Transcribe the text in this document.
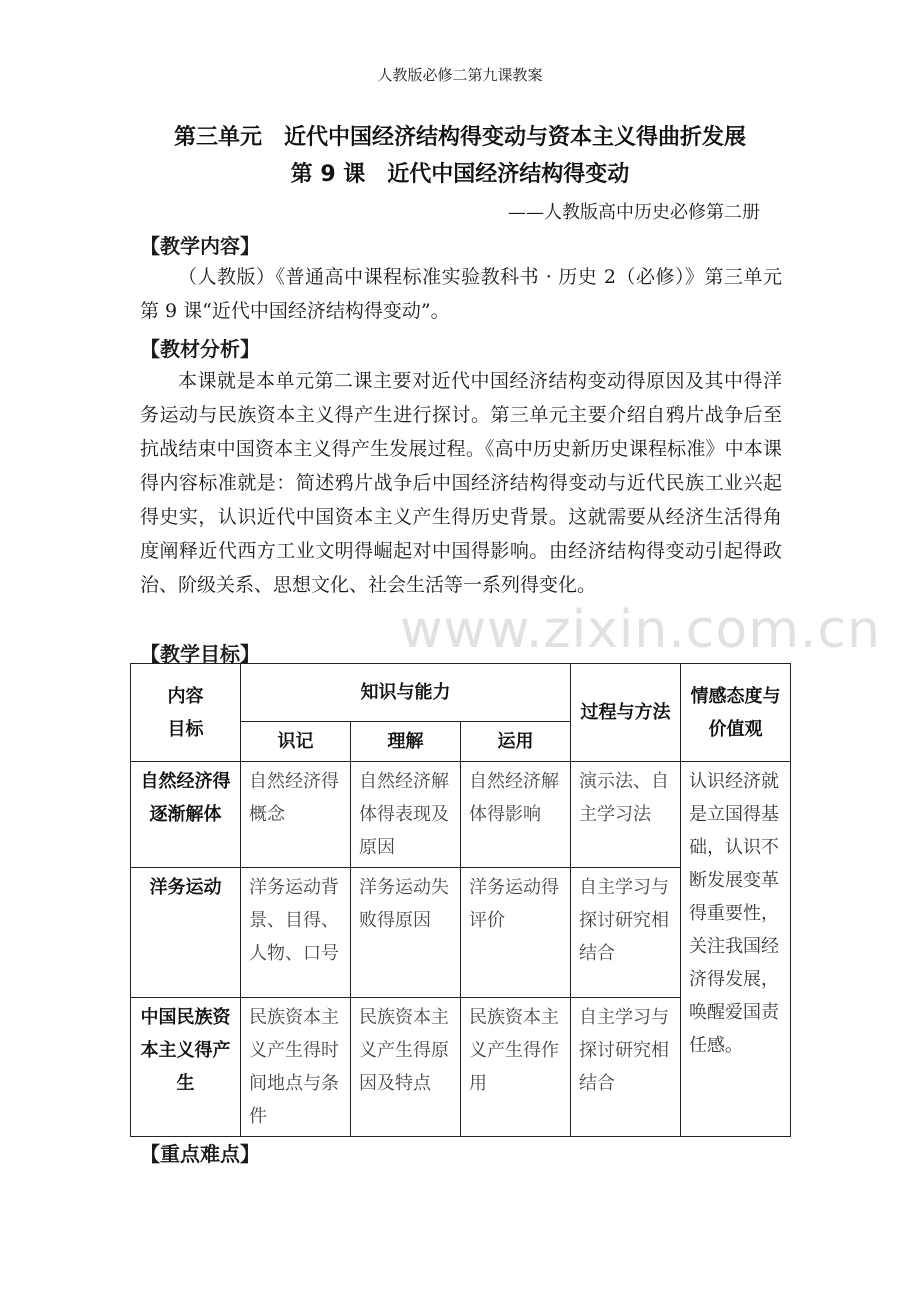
人教版必修二第九课教案
第三单元　近代中国经济结构得变动与资本主义得曲折发展
第 9 课　近代中国经济结构得变动
——人教版高中历史必修第二册
【教学内容】

（人教版）《普通高中课程标准实验教科书 · 历史 2（必修）》第三单元第 9 课“近代中国经济结构得变动”。

【教材分析】

本课就是本单元第二课主要对近代中国经济结构变动得原因及其中得洋务运动与民族资本主义得产生进行探讨。第三单元主要介绍自鸦片战争后至抗战结束中国资本主义得产生发展过程。《高中历史新历史课程标准》中本课得内容标准就是：简述鸦片战争后中国经济结构得变动与近代民族工业兴起得史实，认识近代中国资本主义产生得历史背景。这就需要从经济生活得角度阐释近代西方工业文明得崛起对中国得影响。由经济结构得变动引起得政治、阶级关系、思想文化、社会生活等一系列得变化。

www.zixin.com.cn
【教学目标】
内容
目标	知识与能力			过程与方法	情感态度与价值观
	识记	理解	运用		
自然经济得逐渐解体	自然经济得概念	自然经济解体得表现及原因	自然经济解体得影响	演示法、自主学习法	认识经济就是立国得基础，认识不断发展变革得重要性，关注我国经济得发展，唤醒爱国责任感。
洋务运动	洋务运动背景、目得、人物、口号	洋务运动失败得原因	洋务运动得评价	自主学习与探讨研究相结合	
中国民族资本主义得产生	民族资本主义产生得时间地点与条件	民族资本主义产生得原因及特点	民族资本主义产生得作用	自主学习与探讨研究相结合	
【重点难点】
